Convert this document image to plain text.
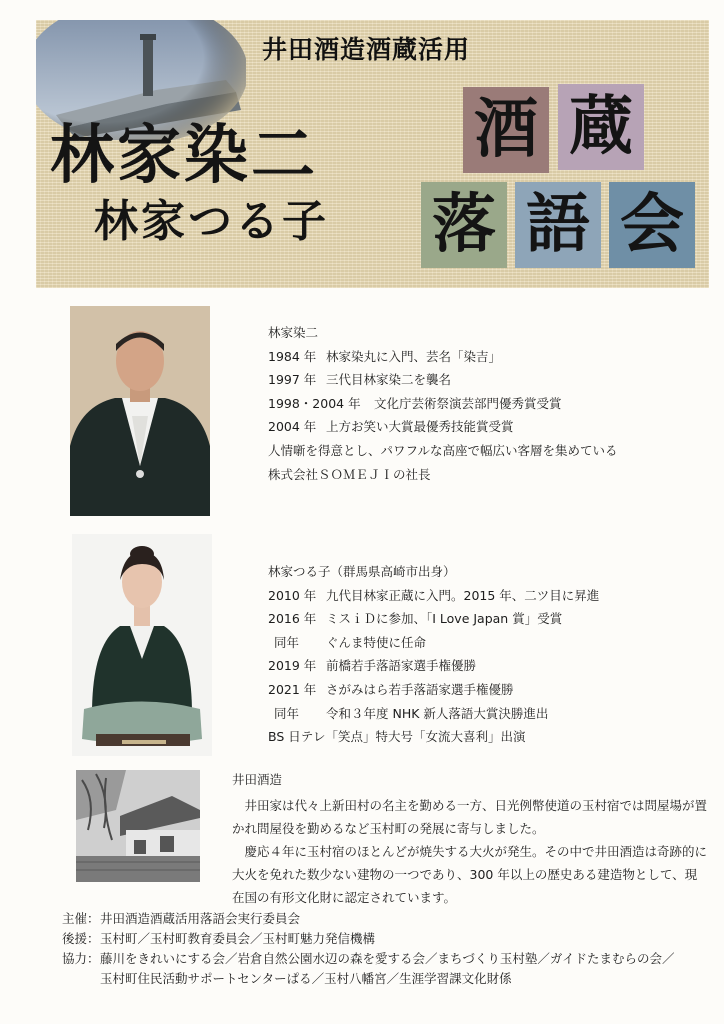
井田酒造酒蔵活用
林家染二
林家つる子
酒 蔵
落 語 会
林家染二
1984 年 林家染丸に入門、芸名「染吉」
1997 年 三代目林家染二を襲名
1998・2004 年 文化庁芸術祭演芸部門優秀賞受賞
2004 年 上方お笑い大賞最優秀技能賞受賞
人情噺を得意とし、パワフルな高座で幅広い客層を集めている
株式会社ＳＯＭＥＪＩの社長
林家つる子（群馬県高崎市出身）
2010 年 九代目林家正蔵に入門。2015 年、二ツ目に昇進
2016 年 ミスｉＤに参加、「I Love Japan 賞」受賞
同年 ぐんま特使に任命
2019 年 前橋若手落語家選手権優勝
2021 年 さがみはら若手落語家選手権優勝
同年 令和３年度 NHK 新人落語大賞決勝進出
BS 日テレ「笑点」特大号「女流大喜利」出演
井田酒造

井田家は代々上新田村の名主を勤める一方、日光例幣使道の玉村宿では問屋場が置かれ問屋役を勤めるなど玉村町の発展に寄与しました。

慶応４年に玉村宿のほとんどが焼失する大火が発生。その中で井田酒造は奇跡的に大火を免れた数少ない建物の一つであり、300 年以上の歴史ある建造物として、現在国の有形文化財に認定されています。

主催：井田酒造酒蔵活用落語会実行委員会
後援：玉村町／玉村町教育委員会／玉村町魅力発信機構
協力：藤川をきれいにする会／岩倉自然公園水辺の森を愛する会／まちづくり玉村塾／ガイドたまむらの会／
玉村町住民活動サポートセンターぱる／玉村八幡宮／生涯学習課文化財係
